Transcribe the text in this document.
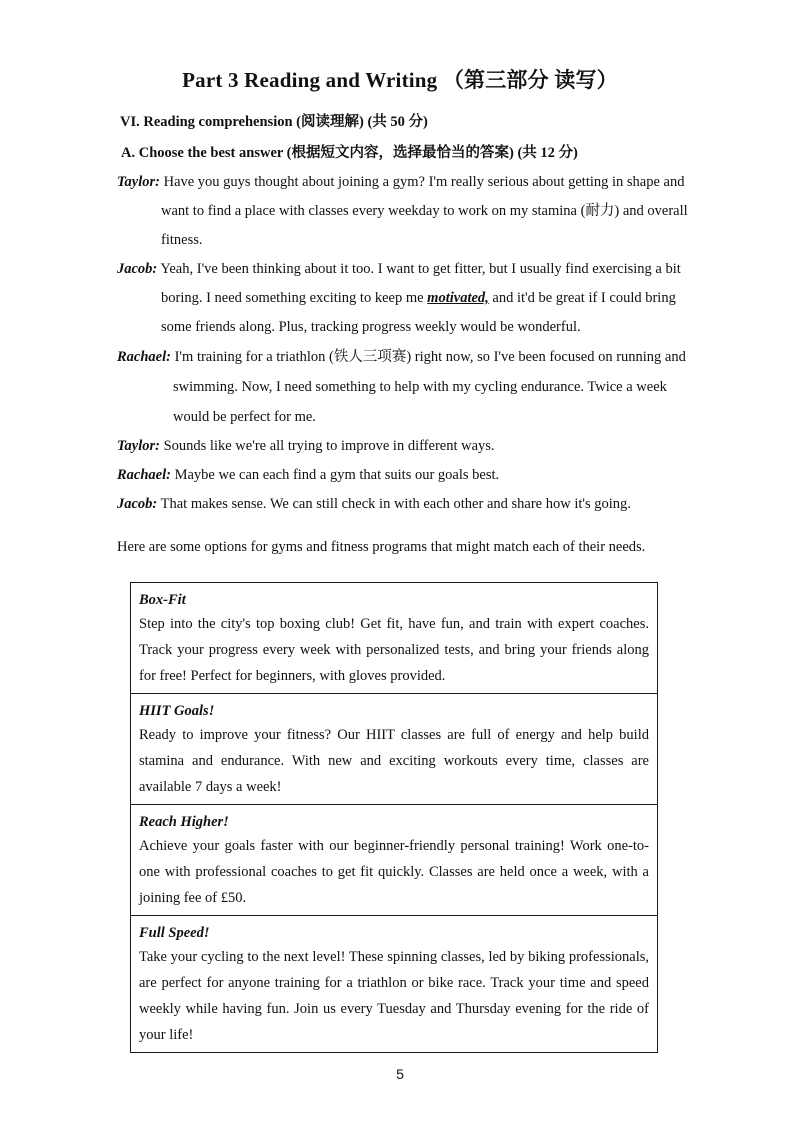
Part 3 Reading and Writing （第三部分 读写）
VI. Reading comprehension (阅读理解) (共 50 分)
A. Choose the best answer (根据短文内容，选择最恰当的答案) (共 12 分)

Taylor: Have you guys thought about joining a gym? I'm really serious about getting in shape and want to find a place with classes every weekday to work on my stamina (耐力) and overall fitness.

Jacob: Yeah, I've been thinking about it too. I want to get fitter, but I usually find exercising a bit boring. I need something exciting to keep me motivated, and it'd be great if I could bring some friends along. Plus, tracking progress weekly would be wonderful.

Rachael: I'm training for a triathlon (铁人三项赛) right now, so I've been focused on running and swimming. Now, I need something to help with my cycling endurance. Twice a week would be perfect for me.

Taylor: Sounds like we're all trying to improve in different ways.

Rachael: Maybe we can each find a gym that suits our goals best.

Jacob: That makes sense. We can still check in with each other and share how it's going.

Here are some options for gyms and fitness programs that might match each of their needs.
Box-Fit
Step into the city's top boxing club! Get fit, have fun, and train with expert coaches. Track your progress every week with personalized tests, and bring your friends along for free! Perfect for beginners, with gloves provided.
HIIT Goals!
Ready to improve your fitness? Our HIIT classes are full of energy and help build stamina and endurance. With new and exciting workouts every time, classes are available 7 days a week!
Reach Higher!
Achieve your goals faster with our beginner-friendly personal training! Work one-to-one with professional coaches to get fit quickly. Classes are held once a week, with a joining fee of £50.
Full Speed!
Take your cycling to the next level! These spinning classes, led by biking professionals, are perfect for anyone training for a triathlon or bike race. Track your time and speed weekly while having fun. Join us every Tuesday and Thursday evening for the ride of your life!
5
